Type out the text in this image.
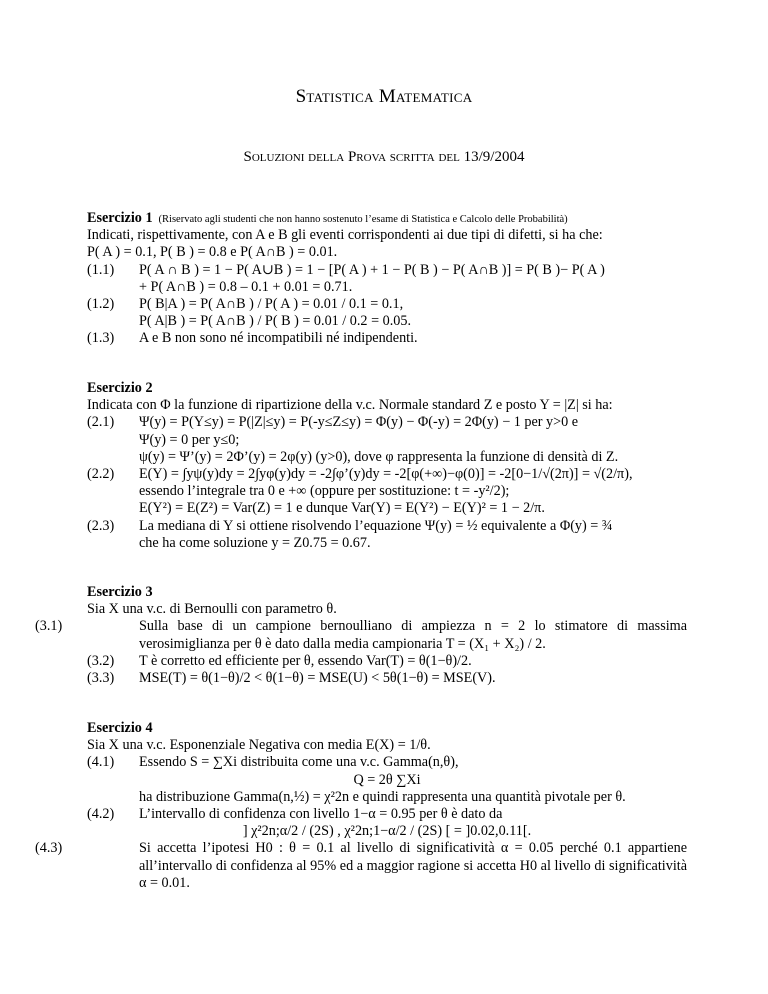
Statistica Matematica
Soluzioni della Prova scritta del 13/9/2004
Esercizio 1 (Riservato agli studenti che non hanno sostenuto l’esame di Statistica e Calcolo delle Probabilità)
Indicati, rispettivamente, con A e B gli eventi corrispondenti ai due tipi di difetti, si ha che:
P( A ) = 0.1, P( B ) = 0.8 e P( A∩B ) = 0.01.
(1.1) P( A ∩ B ) = 1 − P( A∪B ) = 1 − [P( A ) + 1 − P( B ) − P( A∩B )] = P( B )− P( A )
+ P( A∩B ) = 0.8 – 0.1 + 0.01 = 0.71.
(1.2) P( B|A ) = P( A∩B ) / P( A ) = 0.01 / 0.1 = 0.1,
P( A|B ) = P( A∩B ) / P( B ) = 0.01 / 0.2 = 0.05.
(1.3) A e B non sono né incompatibili né indipendenti.
Esercizio 2
Indicata con Φ la funzione di ripartizione della v.c. Normale standard Z e posto Y = |Z| si ha:
(2.1) Ψ(y) = P(Y≤y) = P(|Z|≤y) = P(-y≤Z≤y) = Φ(y) − Φ(-y) = 2Φ(y) − 1 per y>0 e
Ψ(y) = 0 per y≤0;
ψ(y) = Ψ’(y) = 2Φ’(y) = 2φ(y) (y>0), dove φ rappresenta la funzione di densità di Z.
(2.2) E(Y) = ∫yψ(y)dy = 2∫yφ(y)dy = -2∫φ’(y)dy = -2[φ(+∞)−φ(0)] = -2[0−1/√(2π)] = √(2/π),
essendo l’integrale tra 0 e +∞ (oppure per sostituzione: t = -y²/2);
E(Y²) = E(Z²) = Var(Z) = 1 e dunque Var(Y) = E(Y²) − E(Y)² = 1 − 2/π.
(2.3) La mediana di Y si ottiene risolvendo l’equazione Ψ(y) = ½ equivalente a Φ(y) = ¾
che ha come soluzione y = Z0.75 = 0.67.
Esercizio 3
Sia X una v.c. di Bernoulli con parametro θ.
(3.1)	Sulla base di un campione bernoulliano di ampiezza n = 2 lo stimatore di massima verosimiglianza per θ è dato dalla media campionaria T = (X₁ + X₂) / 2.
(3.2) T è corretto ed efficiente per θ, essendo Var(T) = θ(1−θ)/2.
(3.3) MSE(T) = θ(1−θ)/2 < θ(1−θ) = MSE(U) < 5θ(1−θ) = MSE(V).
Esercizio 4
Sia X una v.c. Esponenziale Negativa con media E(X) = 1/θ.
(4.1) Essendo S = ∑Xi distribuita come una v.c. Gamma(n,θ),
Q = 2θ ∑Xi
ha distribuzione Gamma(n,½) = χ²2n e quindi rappresenta una quantità pivotale per θ.
(4.2) L’intervallo di confidenza con livello 1−α = 0.95 per θ è dato da
] χ²2n;α/2 / (2S) , χ²2n;1−α/2 / (2S) [ = ]0.02,0.11[.
(4.3)	Si accetta l’ipotesi H0 : θ = 0.1 al livello di significatività α = 0.05 perché 0.1 appartiene all’intervallo di confidenza al 95% ed a maggior ragione si accetta H0 al livello di significatività α = 0.01.
